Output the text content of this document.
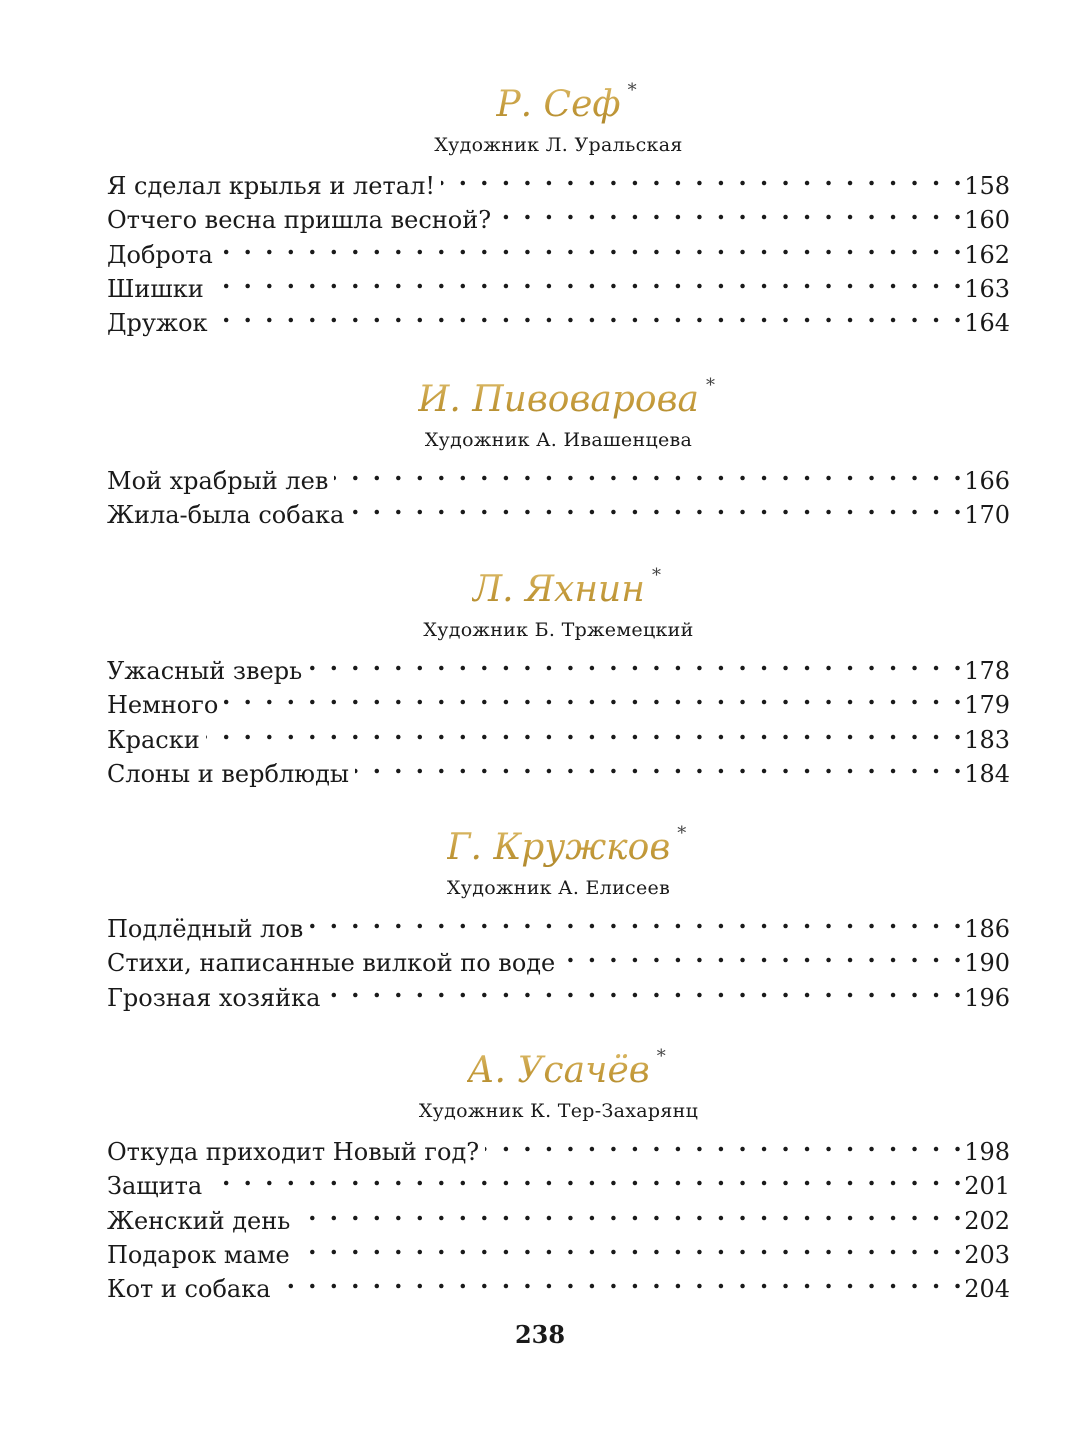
Р. Сеф *
Художник Л. Уральская
Я сделал крылья и летал! . . .	158
Отчего весна пришла весной? . . .	160
Доброта . . .	162
Шишки . . .	163
Дружок . . .	164
И. Пивоварова *
Художник А. Ивашенцева
Мой храбрый лев . . .	166
Жила-была собака . . .	170
Л. Яхнин *
Художник Б. Тржемецкий
Ужасный зверь . . .	178
Немного . . .	179
Краски . . .	183
Слоны и верблюды . . .	184
Г. Кружков *
Художник А. Елисеев
Подлёдный лов . . .	186
Стихи, написанные вилкой по воде . . .	190
Грозная хозяйка . . .	196
А. Усачёв *
Художник К. Тер-Захарянц
Откуда приходит Новый год? . . .	198
Защита . . .	201
Женский день . . .	202
Подарок маме . . .	203
Кот и собака . . .	204
238
